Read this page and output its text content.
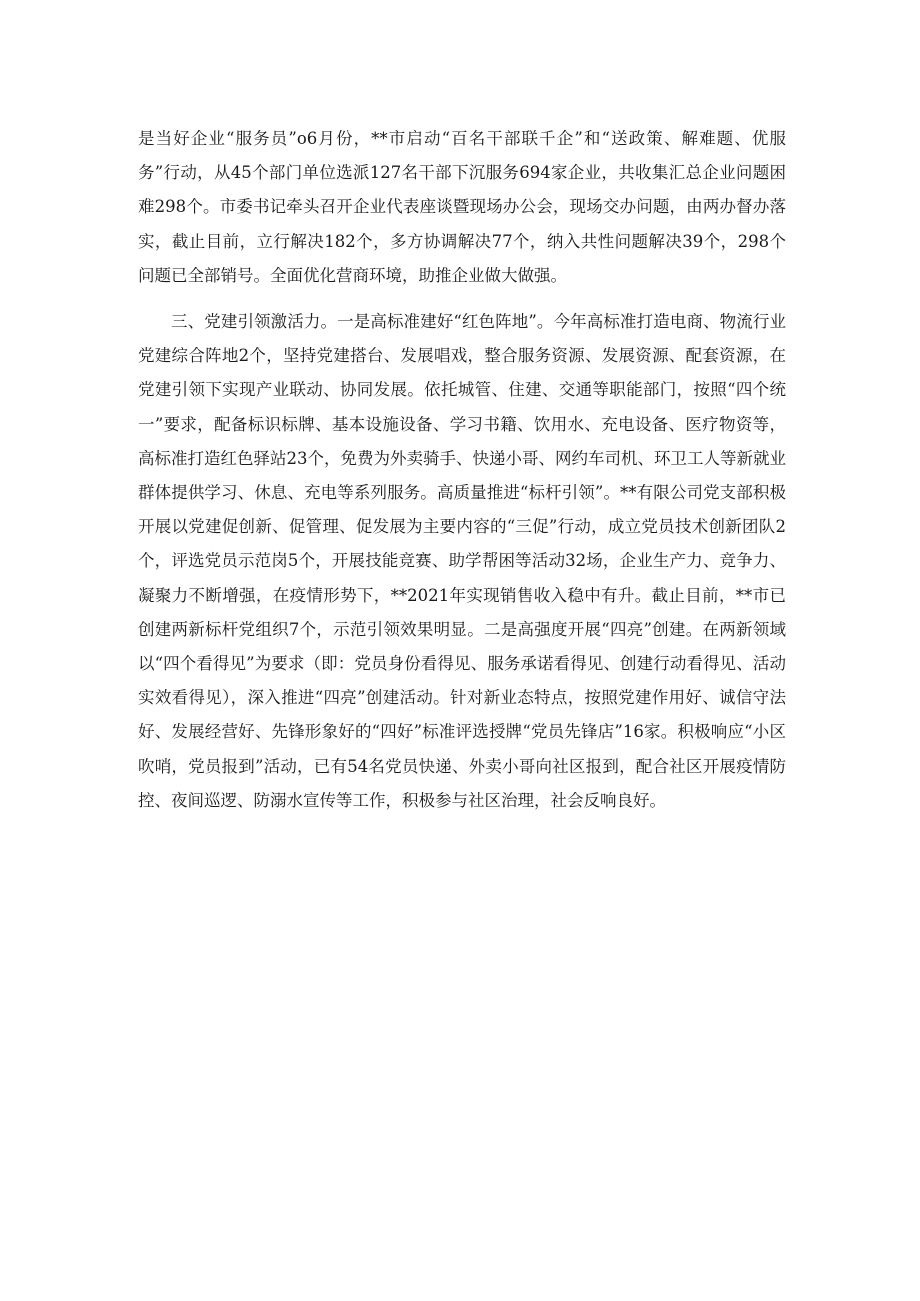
是当好企业“服务员”o6月份，**市启动“百名干部联千企”和“送政策、解难题、优服务”行动，从45个部门单位选派127名干部下沉服务694家企业，共收集汇总企业问题困难298个。市委书记牵头召开企业代表座谈暨现场办公会，现场交办问题，由两办督办落实，截止目前，立行解决182个，多方协调解决77个，纳入共性问题解决39个，298个问题已全部销号。全面优化营商环境，助推企业做大做强。

三、党建引领激活力。一是高标准建好“红色阵地”。今年高标准打造电商、物流行业党建综合阵地2个，坚持党建搭台、发展唱戏，整合服务资源、发展资源、配套资源，在党建引领下实现产业联动、协同发展。依托城管、住建、交通等职能部门，按照“四个统一”要求，配备标识标牌、基本设施设备、学习书籍、饮用水、充电设备、医疗物资等，高标准打造红色驿站23个，免费为外卖骑手、快递小哥、网约车司机、环卫工人等新就业群体提供学习、休息、充电等系列服务。高质量推进“标杆引领”。**有限公司党支部积极开展以党建促创新、促管理、促发展为主要内容的“三促”行动，成立党员技术创新团队2个，评选党员示范岗5个，开展技能竞赛、助学帮困等活动32场，企业生产力、竞争力、凝聚力不断增强，在疫情形势下，**2021年实现销售收入稳中有升。截止目前，**市已创建两新标杆党组织7个，示范引领效果明显。二是高强度开展“四亮”创建。在两新领域以“四个看得见”为要求（即：党员身份看得见、服务承诺看得见、创建行动看得见、活动实效看得见），深入推进“四亮”创建活动。针对新业态特点，按照党建作用好、诚信守法好、发展经营好、先锋形象好的“四好”标准评选授牌“党员先锋店”16家。积极响应“小区吹哨，党员报到”活动，已有54名党员快递、外卖小哥向社区报到，配合社区开展疫情防控、夜间巡逻、防溺水宣传等工作，积极参与社区治理，社会反响良好。
